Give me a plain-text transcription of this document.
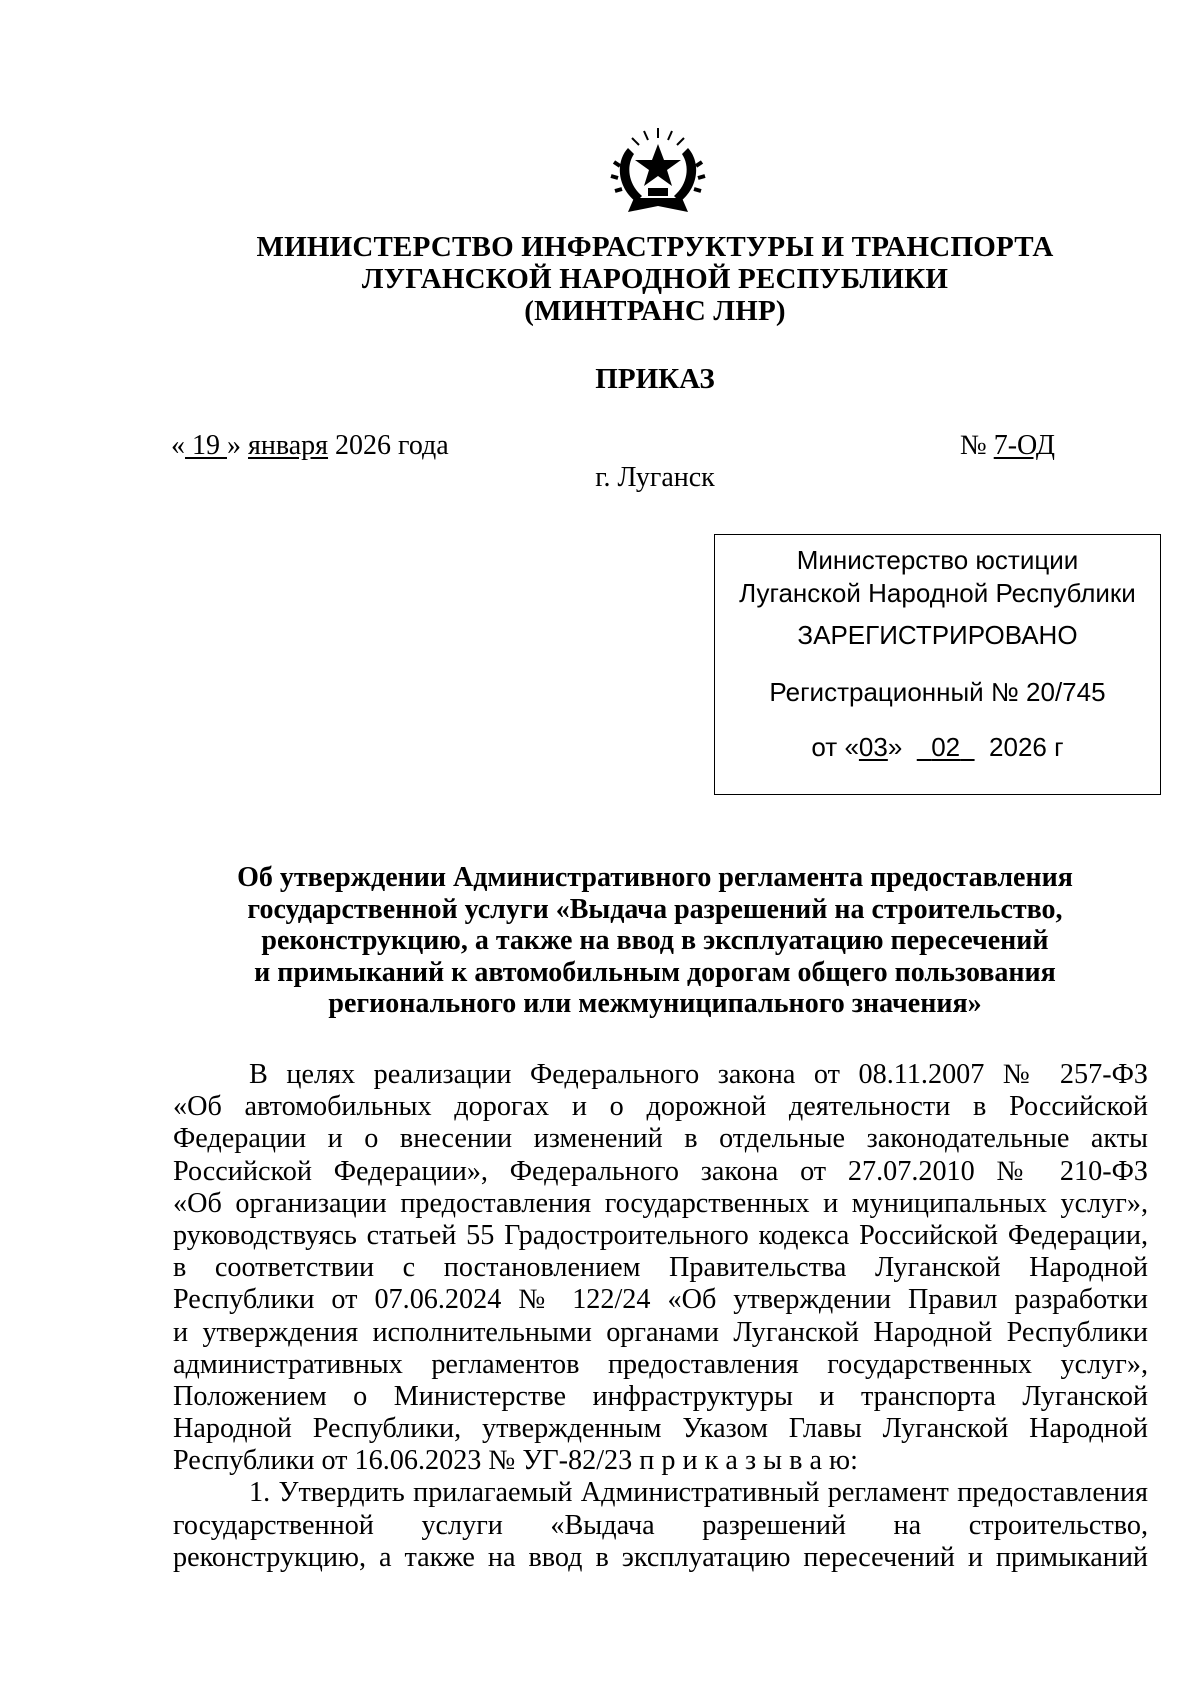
МИНИСТЕРСТВО ИНФРАСТРУКТУРЫ И ТРАНСПОРТА
ЛУГАНСКОЙ НАРОДНОЙ РЕСПУБЛИКИ
(МИНТРАНС ЛНР)
ПРИКАЗ
« 19 » января 2026 года	№ 7-ОД
г. Луганск
Министерство юстиции
Луганской Народной Республики
ЗАРЕГИСТРИРОВАНО
Регистрационный № 20/745
от «03» 02 2026 г
Об утверждении Административного регламента предоставления
государственной услуги «Выдача разрешений на строительство,
реконструкцию, а также на ввод в эксплуатацию пересечений
и примыканий к автомобильным дорогам общего пользования
регионального или межмуниципального значения»
В целях реализации Федерального закона от 08.11.2007 № 257-ФЗ
«Об автомобильных дорогах и о дорожной деятельности в Российской
Федерации и о внесении изменений в отдельные законодательные акты
Российской Федерации», Федерального закона от 27.07.2010 № 210-ФЗ
«Об организации предоставления государственных и муниципальных услуг»,
руководствуясь статьей 55 Градостроительного кодекса Российской Федерации,
в соответствии с постановлением Правительства Луганской Народной
Республики от 07.06.2024 № 122/24 «Об утверждении Правил разработки
и утверждения исполнительными органами Луганской Народной Республики
административных регламентов предоставления государственных услуг»,
Положением о Министерстве инфраструктуры и транспорта Луганской
Народной Республики, утвержденным Указом Главы Луганской Народной
Республики от 16.06.2023 № УГ-82/23 п р и к а з ы в а ю:
1. Утвердить прилагаемый Административный регламент предоставления
государственной услуги «Выдача разрешений на строительство,
реконструкцию, а также на ввод в эксплуатацию пересечений и примыканий
